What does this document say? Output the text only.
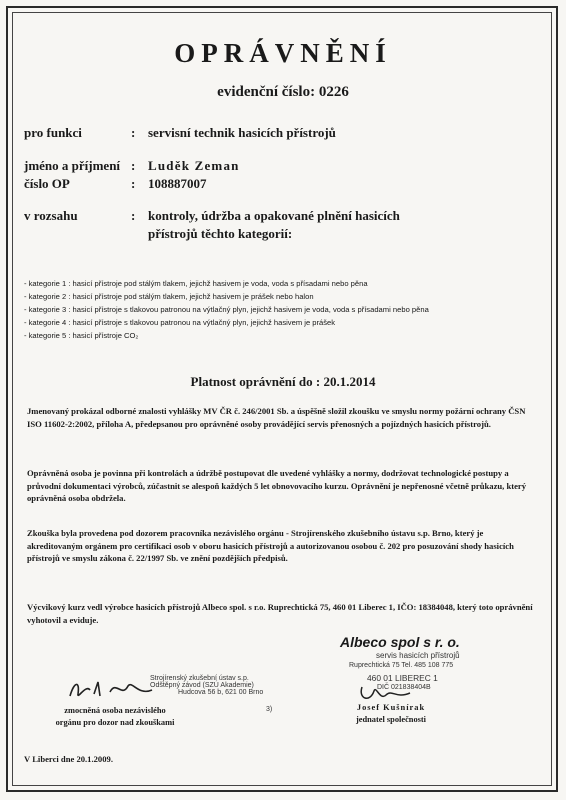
OPRÁVNĚNÍ
evidenční číslo: 0226
pro funkci	: servisní technik hasicích přístrojů
jméno a příjmení : Luděk Zeman
číslo OP	: 108887007
v rozsahu	: kontroly, údržba a opakované plnění hasicích
přístrojů těchto kategorií:
- kategorie 1 : hasicí přístroje pod stálým tlakem, jejichž hasivem je voda, voda s přísadami nebo pěna
- kategorie 2 : hasicí přístroje pod stálým tlakem, jejichž hasivem je prášek nebo halon
- kategorie 3 : hasicí přístroje s tlakovou patronou na výtlačný plyn, jejichž hasivem je voda, voda s přísadami nebo pěna
- kategorie 4 : hasicí přístroje s tlakovou patronou na výtlačný plyn, jejichž hasivem je prášek
- kategorie 5 : hasicí přístroje CO₂
Platnost oprávnění do : 20.1.2014
Jmenovaný prokázal odborné znalosti vyhlášky MV ČR č. 246/2001 Sb. a úspěšně složil zkoušku ve smyslu normy požární ochrany ČSN ISO 11602-2:2002, příloha A, předepsanou pro oprávněné osoby provádějící servis přenosných a pojízdných hasicích přístrojů.
Oprávněná osoba je povinna při kontrolách a údržbě postupovat dle uvedené vyhlášky a normy, dodržovat technologické postupy a průvodní dokumentaci výrobců, zúčastnit se alespoň každých 5 let obnovovacího kurzu. Oprávnění je nepřenosné včetně průkazu, který oprávněná osoba obdržela.
Zkouška byla provedena pod dozorem pracovníka nezávislého orgánu - Strojírenského zkušebního ústavu s.p. Brno, který je akreditovaným orgánem pro certifikaci osob v oboru hasicích přístrojů a autorizovanou osobou č. 202 pro posuzování shody hasicích přístrojů ve smyslu zákona č. 22/1997 Sb. ve znění pozdějších předpisů.
Výcvikový kurz vedl výrobce hasicích přístrojů Albeco spol. s r.o. Ruprechtická 75, 460 01 Liberec 1, IČO: 18384048, který toto oprávnění vyhotovil a eviduje.
Strojírenský zkušební ústav s.p.
Odštěpný závod (SZÚ Akademie)
Hudcova 56 b, 621 00 Brno
3)
zmocněná osoba nezávislého
orgánu pro dozor nad zkouškami
Albeco spol s r. o.
servis hasicích přístrojů
Ruprechtická 75 Tel. 485 108 775
460 01 LIBEREC 1
DIČ 021838404B
Josef Kušnírak
jednatel společnosti
V Liberci dne 20.1.2009.
